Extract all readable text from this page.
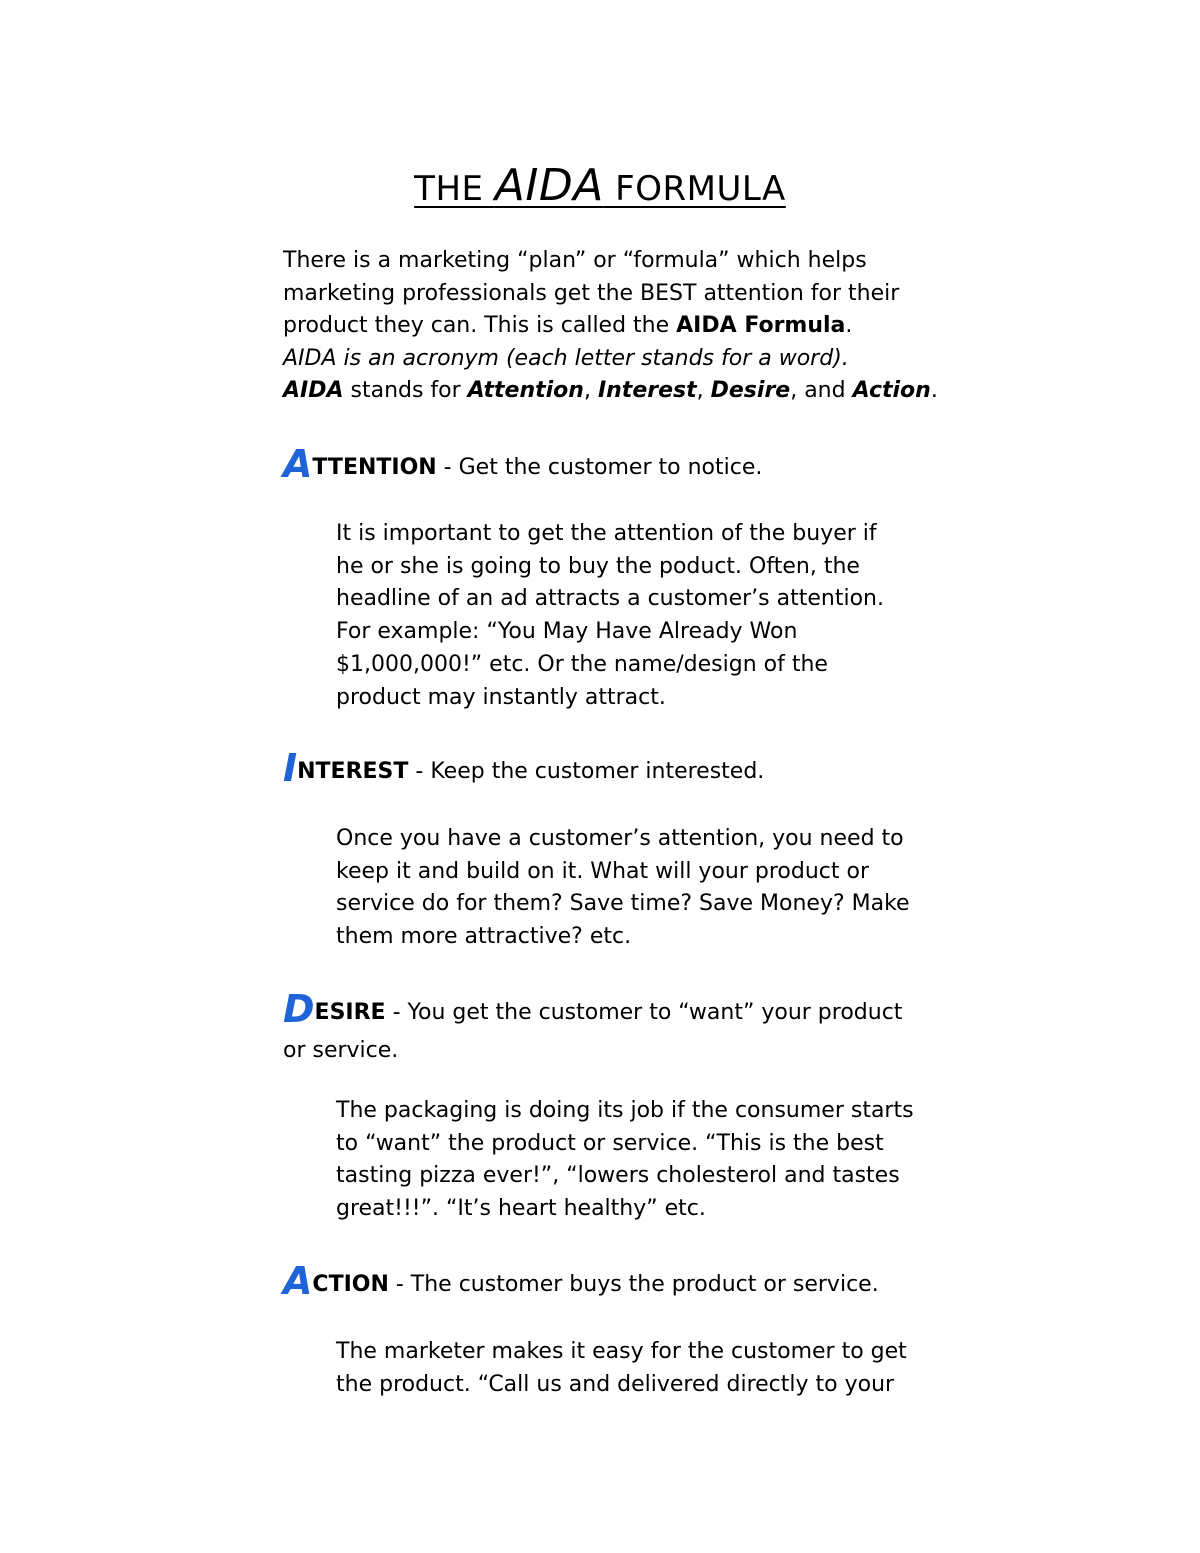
THE AIDA FORMULA
There is a marketing “plan” or “formula” which helps
marketing professionals get the BEST attention for their
product they can. This is called the AIDA Formula.
AIDA is an acronym (each letter stands for a word).
AIDA stands for Attention, Interest, Desire, and Action.
ATTENTION - Get the customer to notice.
It is important to get the attention of the buyer if
he or she is going to buy the poduct. Often, the
headline of an ad attracts a customer’s attention.
For example: “You May Have Already Won
$1,000,000!” etc. Or the name/design of the
product may instantly attract.
INTEREST - Keep the customer interested.
Once you have a customer’s attention, you need to
keep it and build on it. What will your product or
service do for them? Save time? Save Money? Make
them more attractive? etc.
DESIRE - You get the customer to “want” your product
or service.
The packaging is doing its job if the consumer starts
to “want” the product or service. “This is the best
tasting pizza ever!”, “lowers cholesterol and tastes
great!!!”. “It’s heart healthy” etc.
ACTION - The customer buys the product or service.
The marketer makes it easy for the customer to get
the product. “Call us and delivered directly to your
